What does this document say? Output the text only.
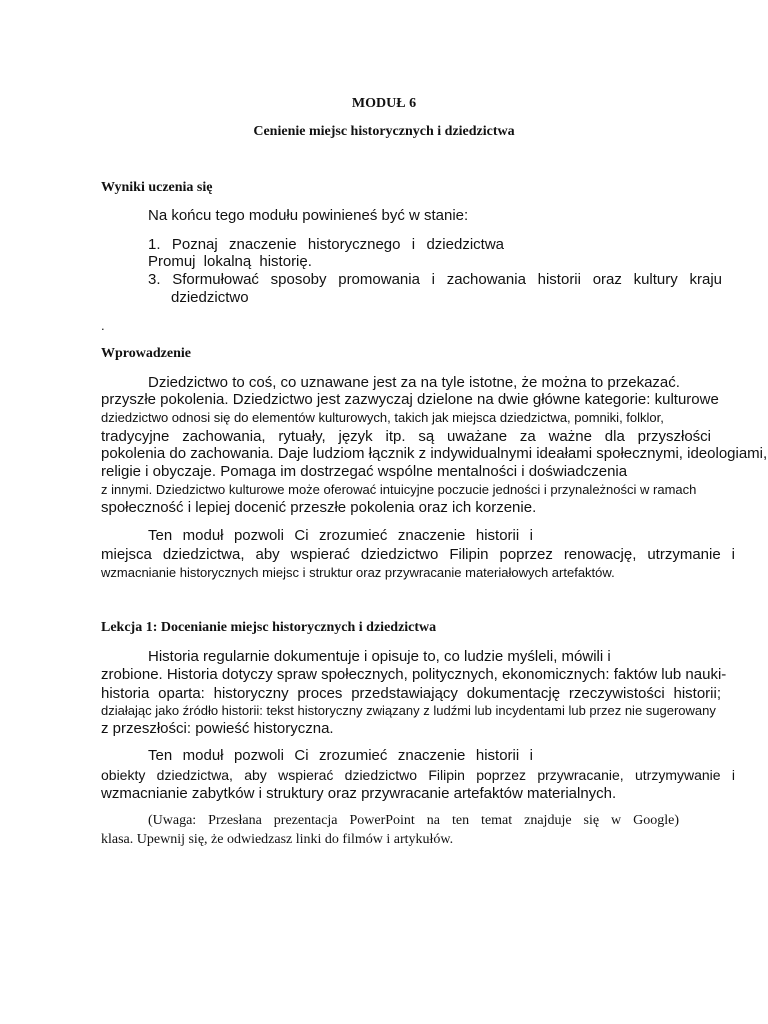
MODUŁ 6
Cenienie miejsc historycznych i dziedzictwa
Wyniki uczenia się
Na końcu tego modułu powinieneś być w stanie:
1. Poznaj znaczenie historycznego i dziedzictwa
Promuj lokalną historię.
3. Sformułować sposoby promowania i zachowania historii oraz kultury kraju
dziedzictwo
.
Wprowadzenie
Dziedzictwo to coś, co uznawane jest za na tyle istotne, że można to przekazać.
przyszłe pokolenia. Dziedzictwo jest zazwyczaj dzielone na dwie główne kategorie: kulturowe
dziedzictwo odnosi się do elementów kulturowych, takich jak miejsca dziedzictwa, pomniki, folklor,
tradycyjne zachowania, rytuały, język itp. są uważane za ważne dla przyszłości
pokolenia do zachowania. Daje ludziom łącznik z indywidualnymi ideałami społecznymi, ideologiami,
religie i obyczaje. Pomaga im dostrzegać wspólne mentalności i doświadczenia
z innymi. Dziedzictwo kulturowe może oferować intuicyjne poczucie jedności i przynależności w ramach
społeczność i lepiej docenić przeszłe pokolenia oraz ich korzenie.
Ten moduł pozwoli Ci zrozumieć znaczenie historii i
miejsca dziedzictwa, aby wspierać dziedzictwo Filipin poprzez renowację, utrzymanie i
wzmacnianie historycznych miejsc i struktur oraz przywracanie materiałowych artefaktów.
Lekcja 1: Docenianie miejsc historycznych i dziedzictwa
Historia regularnie dokumentuje i opisuje to, co ludzie myśleli, mówili i
zrobione. Historia dotyczy spraw społecznych, politycznych, ekonomicznych: faktów lub nauki-
historia oparta: historyczny proces przedstawiający dokumentację rzeczywistości historii;
działając jako źródło historii: tekst historyczny związany z ludźmi lub incydentami lub przez nie sugerowany
z przeszłości: powieść historyczna.
Ten moduł pozwoli Ci zrozumieć znaczenie historii i
obiekty dziedzictwa, aby wspierać dziedzictwo Filipin poprzez przywracanie, utrzymywanie i
wzmacnianie zabytków i struktury oraz przywracanie artefaktów materialnych.
(Uwaga: Przesłana prezentacja PowerPoint na ten temat znajduje się w Google)
klasa. Upewnij się, że odwiedzasz linki do filmów i artykułów.
